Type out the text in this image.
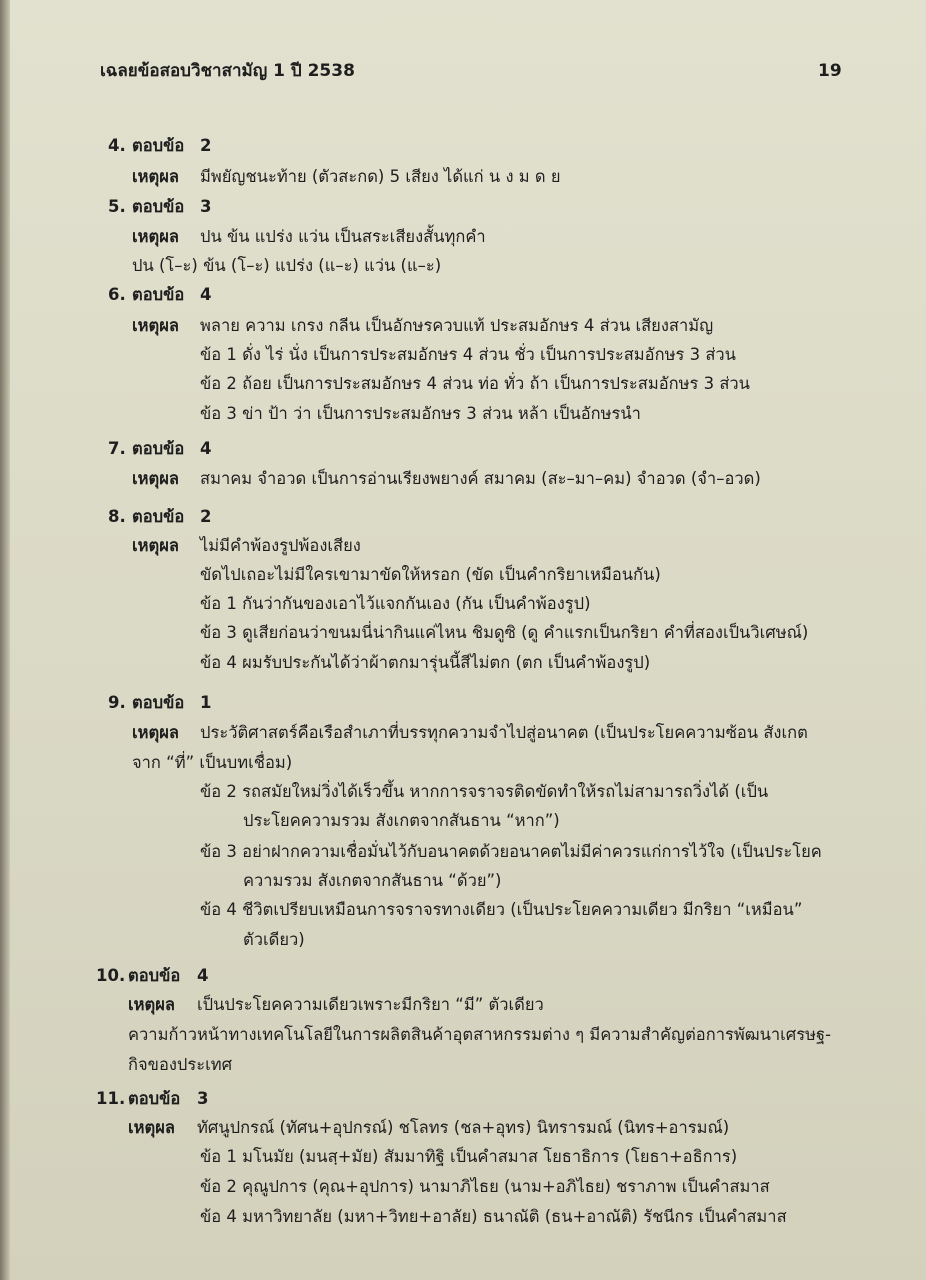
เฉลยข้อสอบวิชาสามัญ 1 ปี 2538	19
4. ตอบข้อ 2
เหตุผล มีพยัญชนะท้าย (ตัวสะกด) 5 เสียง ได้แก่ น ง ม ด ย
5. ตอบข้อ 3
เหตุผล ปน ข้น แปร่ง แว่น เป็นสระเสียงสั้นทุกคำ
ปน (โ–ะ) ข้น (โ–ะ) แปร่ง (แ–ะ) แว่น (แ–ะ)
6. ตอบข้อ 4
เหตุผล พลาย ความ เกรง กลีน เป็นอักษรควบแท้ ประสมอักษร 4 ส่วน เสียงสามัญ
ข้อ 1 ดั่ง ไร่ นั่ง เป็นการประสมอักษร 4 ส่วน ชั่ว เป็นการประสมอักษร 3 ส่วน
ข้อ 2 ถ้อย เป็นการประสมอักษร 4 ส่วน ท่อ ทั่ว ถ้า เป็นการประสมอักษร 3 ส่วน
ข้อ 3 ข่า ป้า ว่า เป็นการประสมอักษร 3 ส่วน หล้า เป็นอักษรนำ
7. ตอบข้อ 4
เหตุผล สมาคม จำอวด เป็นการอ่านเรียงพยางค์ สมาคม (สะ–มา–คม) จำอวด (จำ–อวด)
8. ตอบข้อ 2
เหตุผล ไม่มีคำพ้องรูปพ้องเสียง
ขัดไปเถอะไม่มีใครเขามาขัดให้หรอก (ขัด เป็นคำกริยาเหมือนกัน)
ข้อ 1 กันว่ากันของเอาไว้แจกกันเอง (กัน เป็นคำพ้องรูป)
ข้อ 3 ดูเสียก่อนว่าขนมนี่น่ากินแค่ไหน ชิมดูซิ (ดู คำแรกเป็นกริยา คำที่สองเป็นวิเศษณ์)
ข้อ 4 ผมรับประกันได้ว่าผ้าตกมารุ่นนี้สีไม่ตก (ตก เป็นคำพ้องรูป)
9. ตอบข้อ 1
เหตุผล ประวัติศาสตร์คือเรือสำเภาที่บรรทุกความจำไปสู่อนาคต (เป็นประโยคความซ้อน สังเกต
จาก “ที่” เป็นบทเชื่อม)
ข้อ 2 รถสมัยใหม่วิ่งได้เร็วขึ้น หากการจราจรติดขัดทำให้รถไม่สามารถวิ่งได้ (เป็น
ประโยคความรวม สังเกตจากสันธาน “หาก”)
ข้อ 3 อย่าฝากความเชื่อมั่นไว้กับอนาคตด้วยอนาคตไม่มีค่าควรแก่การไว้ใจ (เป็นประโยค
ความรวม สังเกตจากสันธาน “ด้วย”)
ข้อ 4 ชีวิตเปรียบเหมือนการจราจรทางเดียว (เป็นประโยคความเดียว มีกริยา “เหมือน”
ตัวเดียว)
10. ตอบข้อ 4
เหตุผล เป็นประโยคความเดียวเพราะมีกริยา “มี” ตัวเดียว
ความก้าวหน้าทางเทคโนโลยีในการผลิตสินค้าอุตสาหกรรมต่าง ๆ มีความสำคัญต่อการพัฒนาเศรษฐ-
กิจของประเทศ
11. ตอบข้อ 3
เหตุผล ทัศนูปกรณ์ (ทัศน+อุปกรณ์) ชโลทร (ชล+อุทร) นิทรารมณ์ (นิทร+อารมณ์)
ข้อ 1 มโนมัย (มนสฺ+มัย) สัมมาทิฐิ เป็นคำสมาส โยธาธิการ (โยธา+อธิการ)
ข้อ 2 คุณูปการ (คุณ+อุปการ) นามาภิไธย (นาม+อภิไธย) ชราภาพ เป็นคำสมาส
ข้อ 4 มหาวิทยาลัย (มหา+วิทย+อาลัย) ธนาณัติ (ธน+อาณัติ) รัชนีกร เป็นคำสมาส
